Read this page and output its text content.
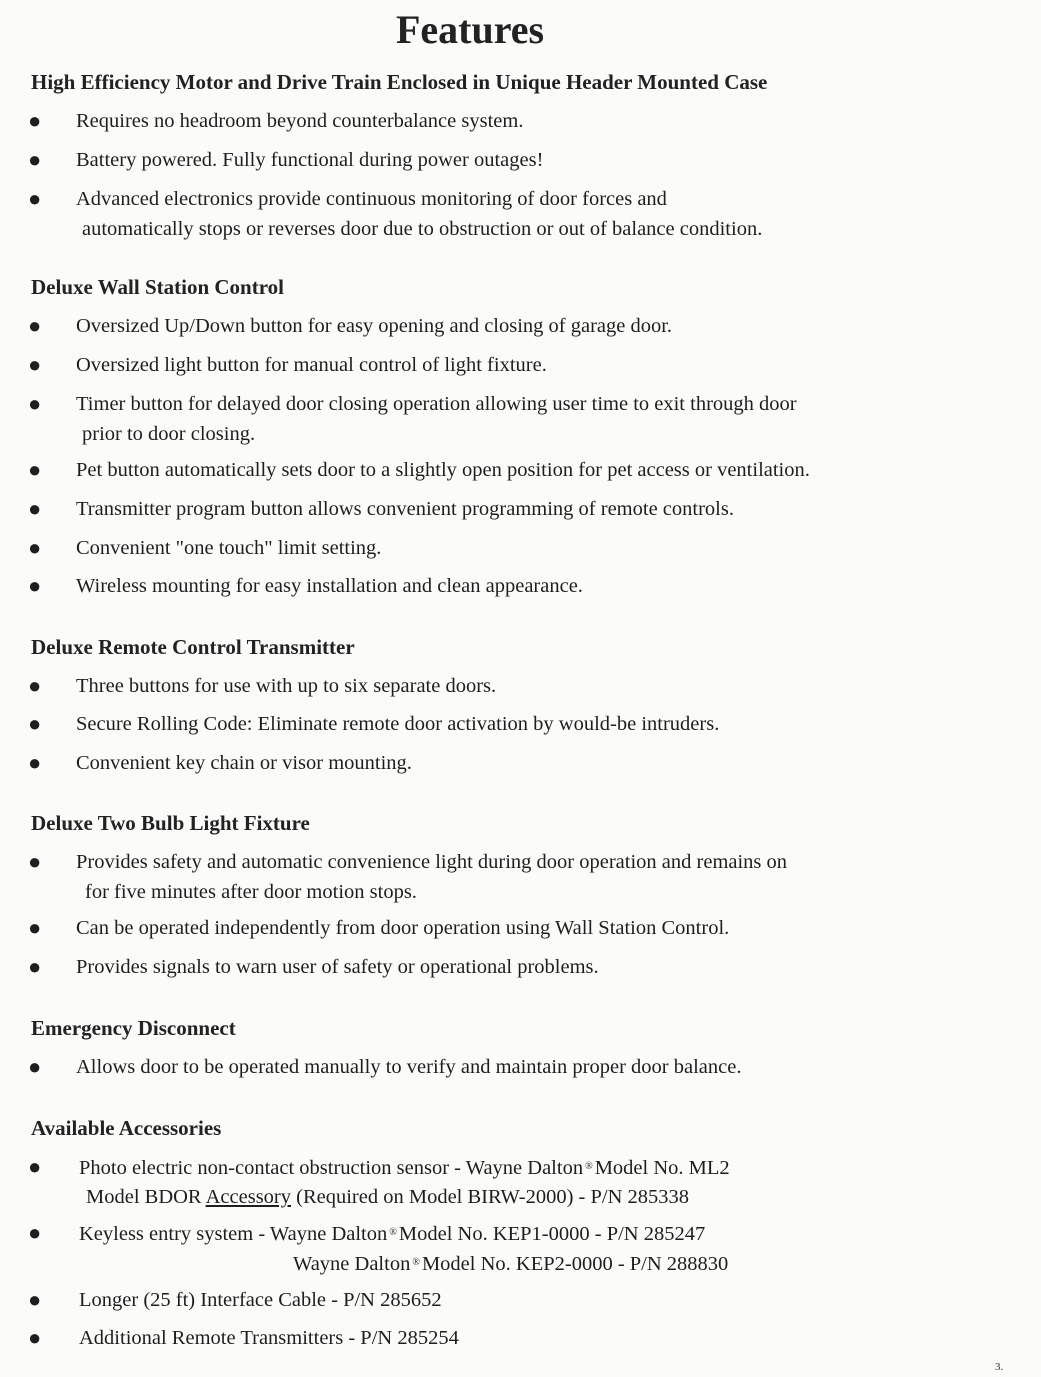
Features
High Efficiency Motor and Drive Train Enclosed in Unique Header Mounted Case
● Requires no headroom beyond counterbalance system.
● Battery powered. Fully functional during power outages!
● Advanced electronics provide continuous monitoring of door forces and
automatically stops or reverses door due to obstruction or out of balance condition.
Deluxe Wall Station Control
● Oversized Up/Down button for easy opening and closing of garage door.
● Oversized light button for manual control of light fixture.
● Timer button for delayed door closing operation allowing user time to exit through door
prior to door closing.
● Pet button automatically sets door to a slightly open position for pet access or ventilation.
● Transmitter program button allows convenient programming of remote controls.
● Convenient "one touch" limit setting.
● Wireless mounting for easy installation and clean appearance.
Deluxe Remote Control Transmitter
● Three buttons for use with up to six separate doors.
● Secure Rolling Code: Eliminate remote door activation by would-be intruders.
● Convenient key chain or visor mounting.
Deluxe Two Bulb Light Fixture
● Provides safety and automatic convenience light during door operation and remains on
for five minutes after door motion stops.
● Can be operated independently from door operation using Wall Station Control.
● Provides signals to warn user of safety or operational problems.
Emergency Disconnect
● Allows door to be operated manually to verify and maintain proper door balance.
Available Accessories
● Photo electric non-contact obstruction sensor - Wayne Dalton ®Model No. ML2
Model BDOR Accessory (Required on Model BIRW-2000) - P/N 285338
● Keyless entry system - Wayne Dalton ®Model No. KEP1-0000 - P/N 285247
Wayne Dalton ®Model No. KEP2-0000 - P/N 288830
● Longer (25 ft) Interface Cable - P/N 285652
● Additional Remote Transmitters - P/N 285254
3.
